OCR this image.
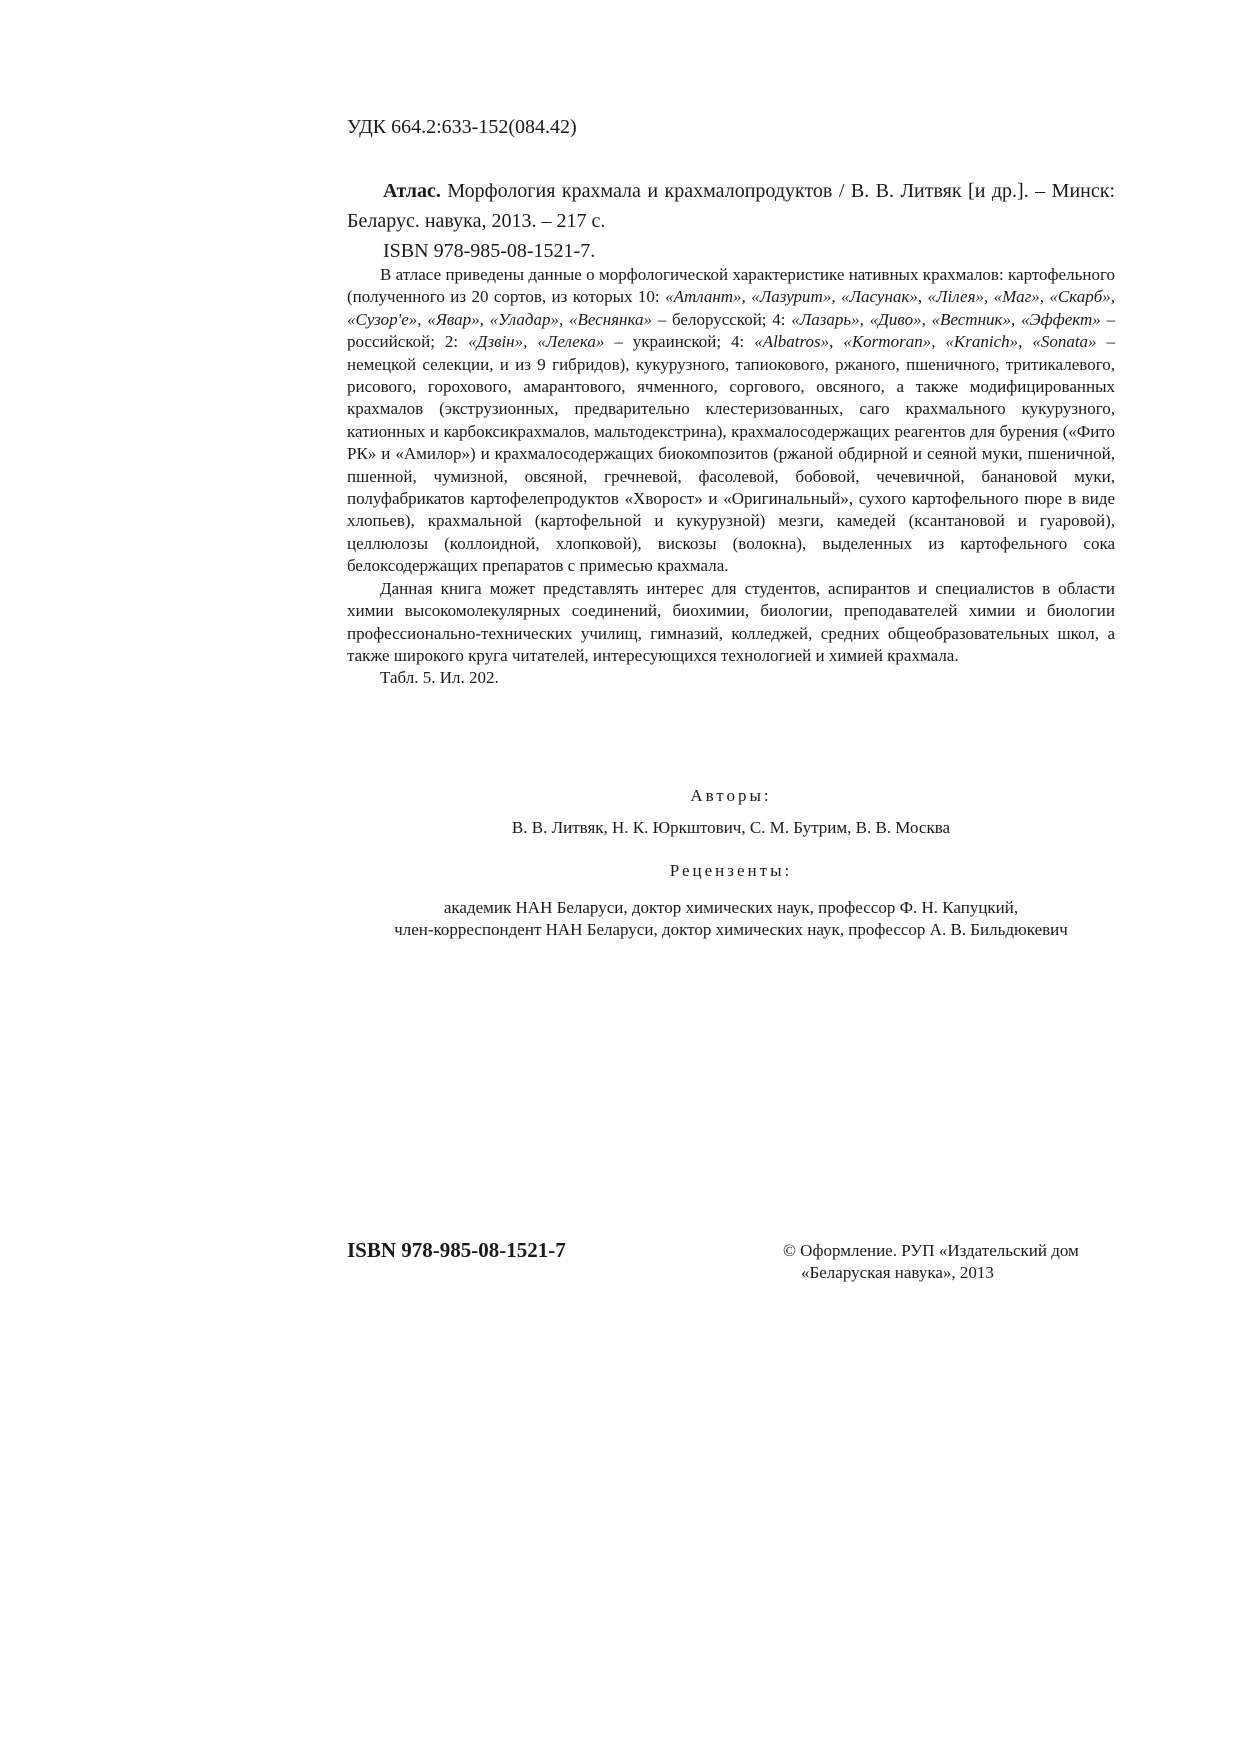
УДК 664.2:633-152(084.42)

Атлас. Морфология крахмала и крахмалопродуктов / В. В. Литвяк [и др.]. – Минск: Беларус. навука, 2013. – 217 с.

ISBN 978-985-08-1521-7.

В атласе приведены данные о морфологической характеристике нативных крахмалов: картофельного (полученного из 20 сортов, из которых 10: «Атлант», «Лазурит», «Ласунак», «Лілея», «Маг», «Скарб», «Сузор'е», «Явар», «Уладар», «Веснянка» – белорусской; 4: «Лазарь», «Диво», «Вестник», «Эффект» – российской; 2: «Дзвін», «Лелека» – украинской; 4: «Albatros», «Kormoran», «Kranich», «Sonata» – немецкой селекции, и из 9 гибридов), кукурузного, тапиокового, ржаного, пшеничного, тритикалевого, рисового, горохового, амарантового, ячменного, соргового, овсяного, а также модифицированных крахмалов (экструзионных, предварительно клестеризованных, саго крахмального кукурузного, катионных и карбоксикрахмалов, мальтодекстрина), крахмалосодержащих реагентов для бурения («Фито РК» и «Амилор») и крахмалосодержащих биокомпозитов (ржаной обдирной и сеяной муки, пшеничной, пшенной, чумизной, овсяной, гречневой, фасолевой, бобовой, чечевичной, банановой муки, полуфабрикатов картофелепродуктов «Хворост» и «Оригинальный», сухого картофельного пюре в виде хлопьев), крахмальной (картофельной и кукурузной) мезги, камедей (ксантановой и гуаровой), целлюлозы (коллоидной, хлопковой), вискозы (волокна), выделенных из картофельного сока белоксодержащих препаратов с примесью крахмала.

Данная книга может представлять интерес для студентов, аспирантов и специалистов в области химии высокомолекулярных соединений, биохимии, биологии, преподавателей химии и биологии профессионально-технических училищ, гимназий, колледжей, средних общеобразовательных школ, а также широкого круга читателей, интересующихся технологией и химией крахмала.

Табл. 5. Ил. 202.

Авторы:

В. В. Литвяк, Н. К. Юркштович, С. М. Бутрим, В. В. Москва

Рецензенты:

академик НАН Беларуси, доктор химических наук, профессор Ф. Н. Капуцкий,

член-корреспондент НАН Беларуси, доктор химических наук, профессор А. В. Бильдюкевич

ISBN 978-985-08-1521-7	© Оформление. РУП «Издательский дом
«Беларуская навука», 2013
